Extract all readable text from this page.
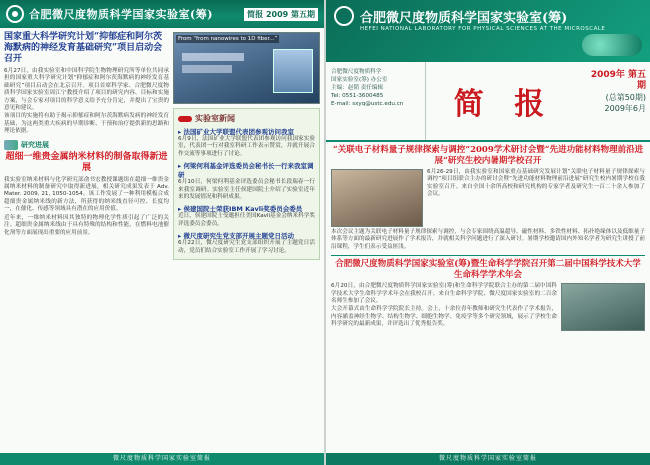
合肥微尺度物质科学国家实验室(筹)	简报 2009 第五期
国家重大科学研究计划“抑郁症和阿尔茨海默病的神经发育基础研究”项目启动会召开
6月27日，由我实验室和中国科学院生物物理研究所等单位共同承担的国家重大科学研究计划“抑郁症和阿尔茨海默病的神经发育基础研究”项目启动会在北京召开。项目首席科学家、合肥微尺度物质科学国家实验室周江宁教授介绍了项目的研究内容、目标和实施方案，与会专家对项目的科学意义给予充分肯定，并提出了宝贵的意见和建议。
该项目的实施将有助于揭示抑郁症和阿尔茨海默病发病的神经发育基础，为这两类重大疾病的早期诊断、干预和治疗提供新的思路和理论依据。
研究进展
超细一维贵金属纳米材料的制备取得新进展
我实验室纳米材料与化学研究部俞书宏教授课题组在超细一维贵金属纳米材料的制备研究中取得新进展，相关研究成果发表于 Adv. Mater. 2009, 21, 1050-1054。该工作发展了一种利用模板合成超细贵金属纳米线的新方法，所获得的纳米线直径可控、长度均一，在催化、传感等领域具有潜在的应用价值。
近年来，一维纳米材料因其独特的物理化学性质引起了广泛的关注。超细贵金属纳米线由于具有特殊的结构和性能，在燃料电池催化剂等方面展现出重要的应用前景。
From “from nanowires to 1D fiber...”
实验室新闻
▸ 法国矿业大学联盟代表团参观访问我室
6月9日，法国矿业大学联盟代表团参观访问我国家实验室，代表团一行对我室科研工作表示赞赏，并就开展合作交流等事项进行了讨论。
▸ 何梁何利基金评选委员会秘书长一行来我室调研
6月10日，何梁何利基金评选委员会秘书长段瑞春一行来我室调研。实验室主任侯建国院士介绍了实验室近年来的发展情况和科研成果。
▸ 侯建国院士荣获IBM Kavli奖委员会委员
近日，侯建国院士受邀担任美国Kavli基金会纳米科学奖评选委员会委员。
▸ 微尺度研究生党支部开展主题党日活动
6月22日，微尺度研究生党支部组织开展了主题党日活动，党员们结合实验室工作开展了学习讨论。
微尺度物质科学国家实验室简报
合肥微尺度物质科学国家实验室(筹)
HEFEI NATIONAL LABORATORY FOR PHYSICAL SCIENCES AT THE MICROSCALE
合肥微尺度物质科学
国家实验室(筹) 办公室
主编：赵韬 责任编辑
Tel: 0551-3600485
E-mail: sxyq@ustc.edu.cn	简 报
2009年 第五期
(总第50期)
2009年6月
“关联电子材料量子规律探索与调控”2009学术研讨会暨“先进功能材料物理前沿进展”研究生校内暑期学校召开
6月26-29日，由我实验室和国家重点基础研究发展计划“关联电子材料量子规律探索与调控”项目组联合主办的研讨会暨“先进功能材料物理前沿进展”研究生校内暑期学校在我实验室召开。来自全国十余所高校和研究机构的专家学者及研究生一百二十余人参加了会议。
本次会议主题为关联电子材料量子规律探索与调控，与会专家围绕高温超导、磁性材料、多铁性材料、拓扑绝缘体以及低维量子体系等方面的最新研究进展作了学术报告，并就相关科学问题进行了深入研讨。暑期学校邀请国内外知名学者为研究生讲授了前沿课程，学生们表示受益匪浅。
合肥微尺度物质科学国家实验室(筹)暨生命科学学院召开第二届中国科学技术大学生命科学学术年会
6月20日，由合肥微尺度物质科学国家实验室(筹)和生命科学学院联合主办的第二届中国科学技术大学生命科学学术年会在我校召开。来自生命科学学院、微尺度国家实验室的二百余名师生参加了会议。
大会开幕式由生命科学学院院长主持。会上，十余位青年教师和研究生代表作了学术报告，内容涵盖神经生物学、结构生物学、细胞生物学、免疫学等多个研究领域，展示了学校生命科学研究的最新成果，并评选出了优秀报告奖。
微尺度物质科学国家实验室简报
